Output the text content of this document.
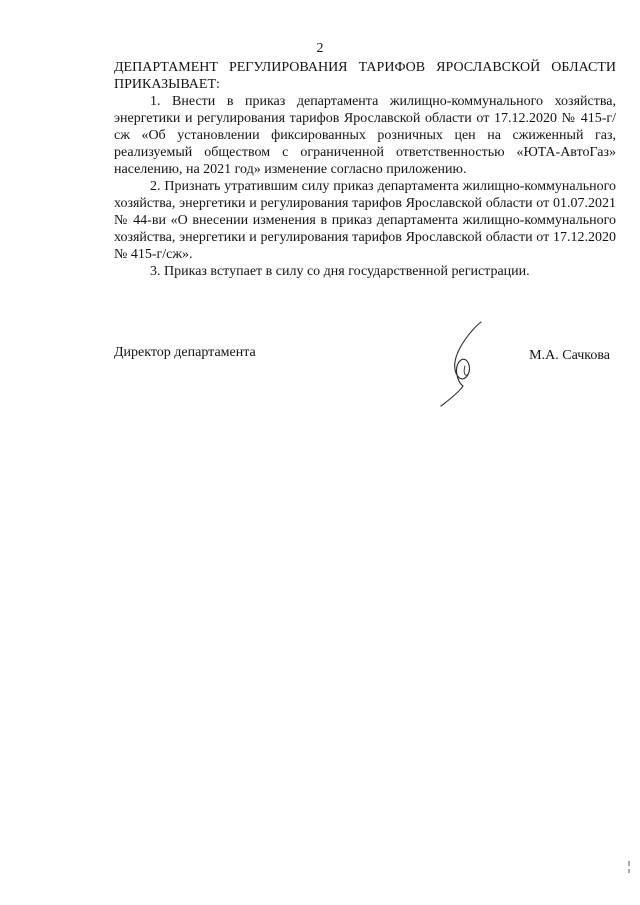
2

ДЕПАРТАМЕНТ РЕГУЛИРОВАНИЯ ТАРИФОВ ЯРОСЛАВСКОЙ ОБЛАСТИ ПРИКАЗЫВАЕТ:

1. Внести в приказ департамента жилищно-коммунального хозяйства, энергетики и регулирования тарифов Ярославской области от 17.12.2020 № 415-г/сж «Об установлении фиксированных розничных цен на сжиженный газ, реализуемый обществом с ограниченной ответственностью «ЮТА-АвтоГаз» населению, на 2021 год» изменение согласно приложению.

2. Признать утратившим силу приказ департамента жилищно-коммунального хозяйства, энергетики и регулирования тарифов Ярославской области от 01.07.2021 № 44-ви «О внесении изменения в приказ департамента жилищно-коммунального хозяйства, энергетики и регулирования тарифов Ярославской области от 17.12.2020 № 415-г/сж».

3. Приказ вступает в силу со дня государственной регистрации.

Директор департамента	М.А. Сачкова
